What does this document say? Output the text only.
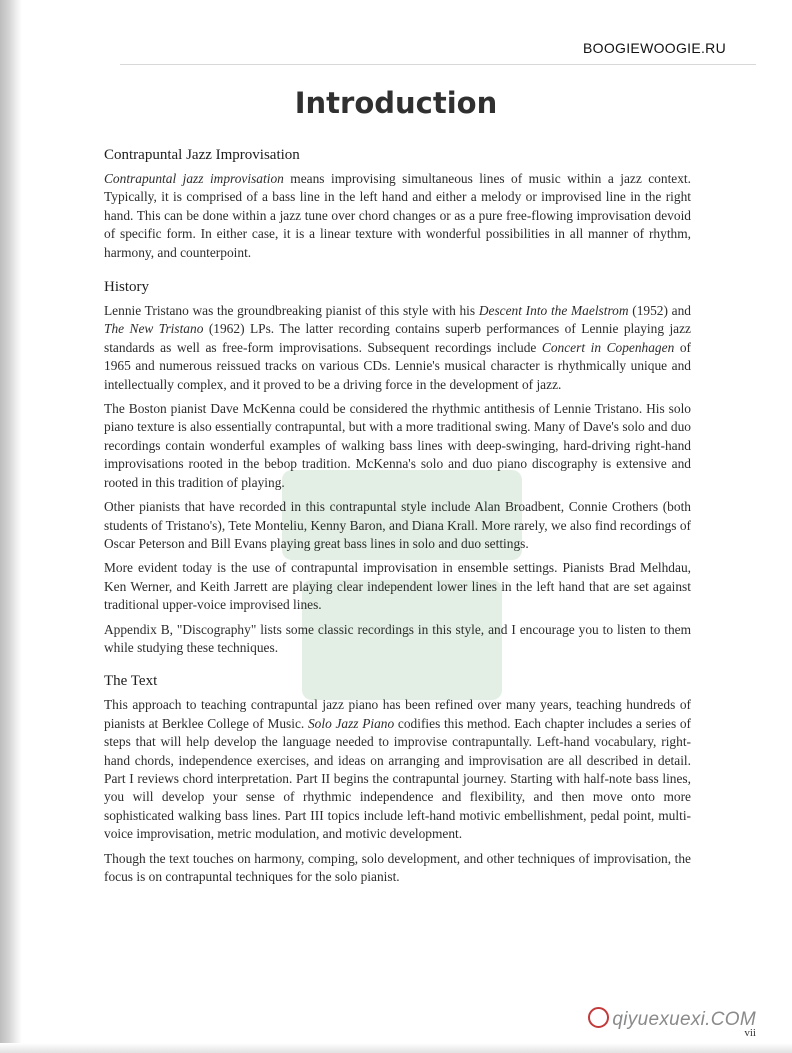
BOOGIEWOOGIE.RU
Introduction
Contrapuntal Jazz Improvisation

Contrapuntal jazz improvisation means improvising simultaneous lines of music within a jazz context. Typically, it is comprised of a bass line in the left hand and either a melody or improvised line in the right hand. This can be done within a jazz tune over chord changes or as a pure free-flowing improvisation devoid of specific form. In either case, it is a linear texture with wonderful possibilities in all manner of rhythm, harmony, and counterpoint.

History

Lennie Tristano was the groundbreaking pianist of this style with his Descent Into the Maelstrom (1952) and The New Tristano (1962) LPs. The latter recording contains superb performances of Lennie playing jazz standards as well as free-form improvisations. Subsequent recordings include Concert in Copenhagen of 1965 and numerous reissued tracks on various CDs. Lennie's musical character is rhythmically unique and intellectually complex, and it proved to be a driving force in the development of jazz.

The Boston pianist Dave McKenna could be considered the rhythmic antithesis of Lennie Tristano. His solo piano texture is also essentially contrapuntal, but with a more traditional swing. Many of Dave's solo and duo recordings contain wonderful examples of walking bass lines with deep-swinging, hard-driving right-hand improvisations rooted in the bebop tradition. McKenna's solo and duo piano discography is extensive and rooted in this tradition of playing.

Other pianists that have recorded in this contrapuntal style include Alan Broadbent, Connie Crothers (both students of Tristano's), Tete Monteliu, Kenny Baron, and Diana Krall. More rarely, we also find recordings of Oscar Peterson and Bill Evans playing great bass lines in solo and duo settings.

More evident today is the use of contrapuntal improvisation in ensemble settings. Pianists Brad Melhdau, Ken Werner, and Keith Jarrett are playing clear independent lower lines in the left hand that are set against traditional upper-voice improvised lines.

Appendix B, "Discography" lists some classic recordings in this style, and I encourage you to listen to them while studying these techniques.

The Text

This approach to teaching contrapuntal jazz piano has been refined over many years, teaching hundreds of pianists at Berklee College of Music. Solo Jazz Piano codifies this method. Each chapter includes a series of steps that will help develop the language needed to improvise contrapuntally. Left-hand vocabulary, right-hand chords, independence exercises, and ideas on arranging and improvisation are all described in detail. Part I reviews chord interpretation. Part II begins the contrapuntal journey. Starting with half-note bass lines, you will develop your sense of rhythmic independence and flexibility, and then move onto more sophisticated walking bass lines. Part III topics include left-hand motivic embellishment, pedal point, multi-voice improvisation, metric modulation, and motivic development.

Though the text touches on harmony, comping, solo development, and other techniques of improvisation, the focus is on contrapuntal techniques for the solo pianist.

qiyuexuexi.COM
vii
